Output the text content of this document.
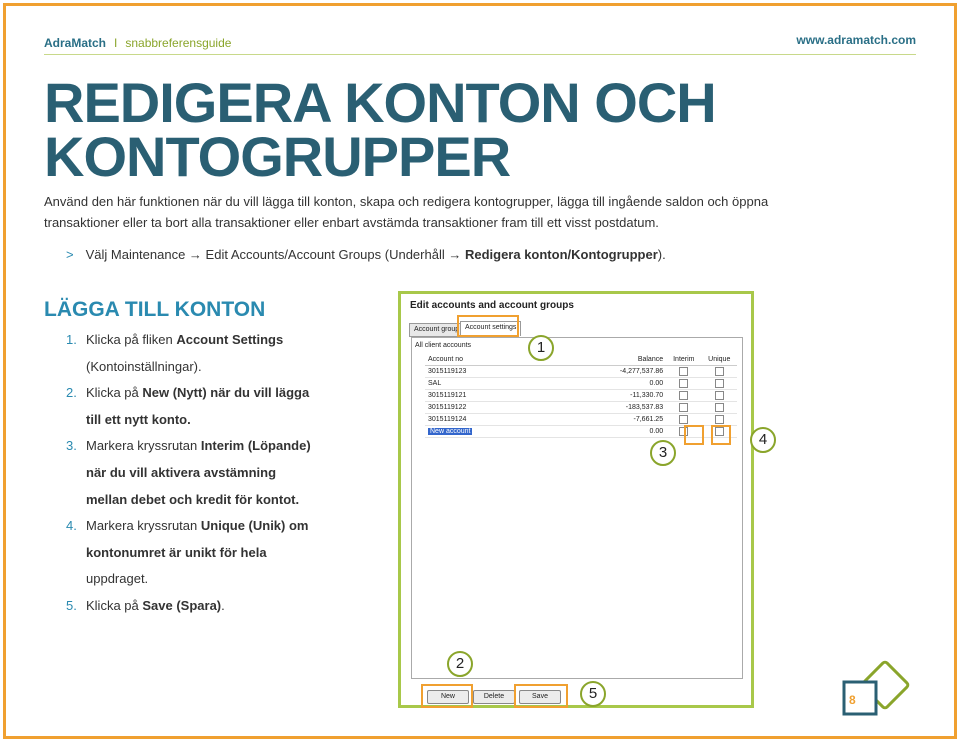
AdraMatch I snabbreferensguide	www.adramatch.com
REDIGERA KONTON OCH KONTOGRUPPER
Använd den här funktionen när du vill lägga till konton, skapa och redigera kontogrupper, lägga till ingående saldon och öppna transaktioner eller ta bort alla transaktioner eller enbart avstämda transaktioner fram till ett visst postdatum.
> Välj Maintenance → Edit Accounts/Account Groups (Underhåll → Redigera konton/Kontogrupper).
LÄGGA TILL KONTON
1. Klicka på fliken Account Settings
(Kontoinställningar).
2. Klicka på New (Nytt) när du vill lägga
till ett nytt konto.
3. Markera kryssrutan Interim (Löpande)
när du vill aktivera avstämning
mellan debet och kredit för kontot.
4. Markera kryssrutan Unique (Unik) om
kontonumret är unikt för hela
uppdraget.
5. Klicka på Save (Spara).
Edit accounts and account groups
Account group Account settings
All client accounts
Account no	Balance	Interim	Unique
3015119123	-4,277,537.86		
SAL	0.00		
3015119121	-11,330.70		
3015119122	-183,537.83		
3015119124	-7,661.25		
New account	0.00		
New	Delete	Save
1
2
3
4
5	8
